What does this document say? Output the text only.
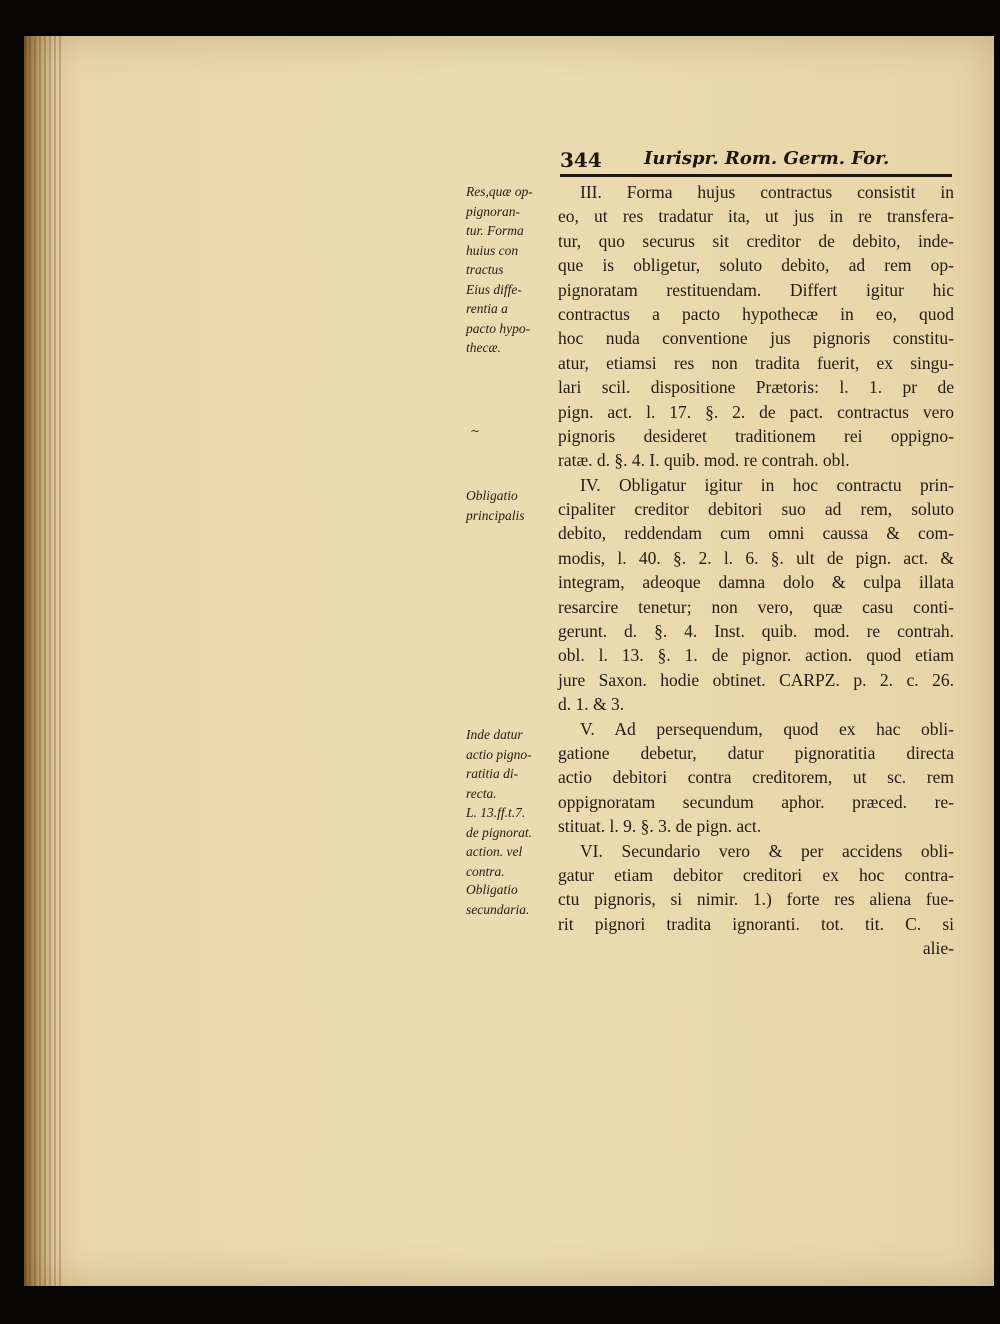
344 Iurispr. Rom. Germ. For.
Res,quæ op-
pignoran-
tur. Forma
huius con
tractus
Eius diffe-
rentia a
pacto hypo-
thecæ.
Obligatio
principalis
Inde datur
actio pigno-
ratitia di-
recta.
L. 13.ff.t.7.
de pignorat.
action. vel
contra.
Obligatio
secundaria.
III. Forma hujus contractus consistit in
eo, ut res tradatur ita, ut jus in re transfera-
tur, quo securus sit creditor de debito, inde-
que is obligetur, soluto debito, ad rem op-
pignoratam restituendam. Differt igitur hic
contractus a pacto hypothecæ in eo, quod
hoc nuda conventione jus pignoris constitu-
atur, etiamsi res non tradita fuerit, ex singu-
lari scil. dispositione Prætoris: l. 1. pr de
pign. act. l. 17. §. 2. de pact. contractus vero
pignoris desideret traditionem rei oppigno-
ratæ. d. §. 4. I. quib. mod. re contrah. obl.
IV. Obligatur igitur in hoc contractu prin-
cipaliter creditor debitori suo ad rem, soluto
debito, reddendam cum omni caussa & com-
modis, l. 40. §. 2. l. 6. §. ult de pign. act. &
integram, adeoque damna dolo & culpa illata
resarcire tenetur; non vero, quæ casu conti-
gerunt. d. §. 4. Inst. quib. mod. re contrah.
obl. l. 13. §. 1. de pignor. action. quod etiam
jure Saxon. hodie obtinet. CARPZ. p. 2. c. 26.
d. 1. & 3.
V. Ad persequendum, quod ex hac obli-
gatione debetur, datur pignoratitia directa
actio debitori contra creditorem, ut sc. rem
oppignoratam secundum aphor. præced. re-
stituat. l. 9. §. 3. de pign. act.
VI. Secundario vero & per accidens obli-
gatur etiam debitor creditori ex hoc contra-
ctu pignoris, si nimir. 1.) forte res aliena fue-
rit pignori tradita ignoranti. tot. tit. C. si
alie-
~
